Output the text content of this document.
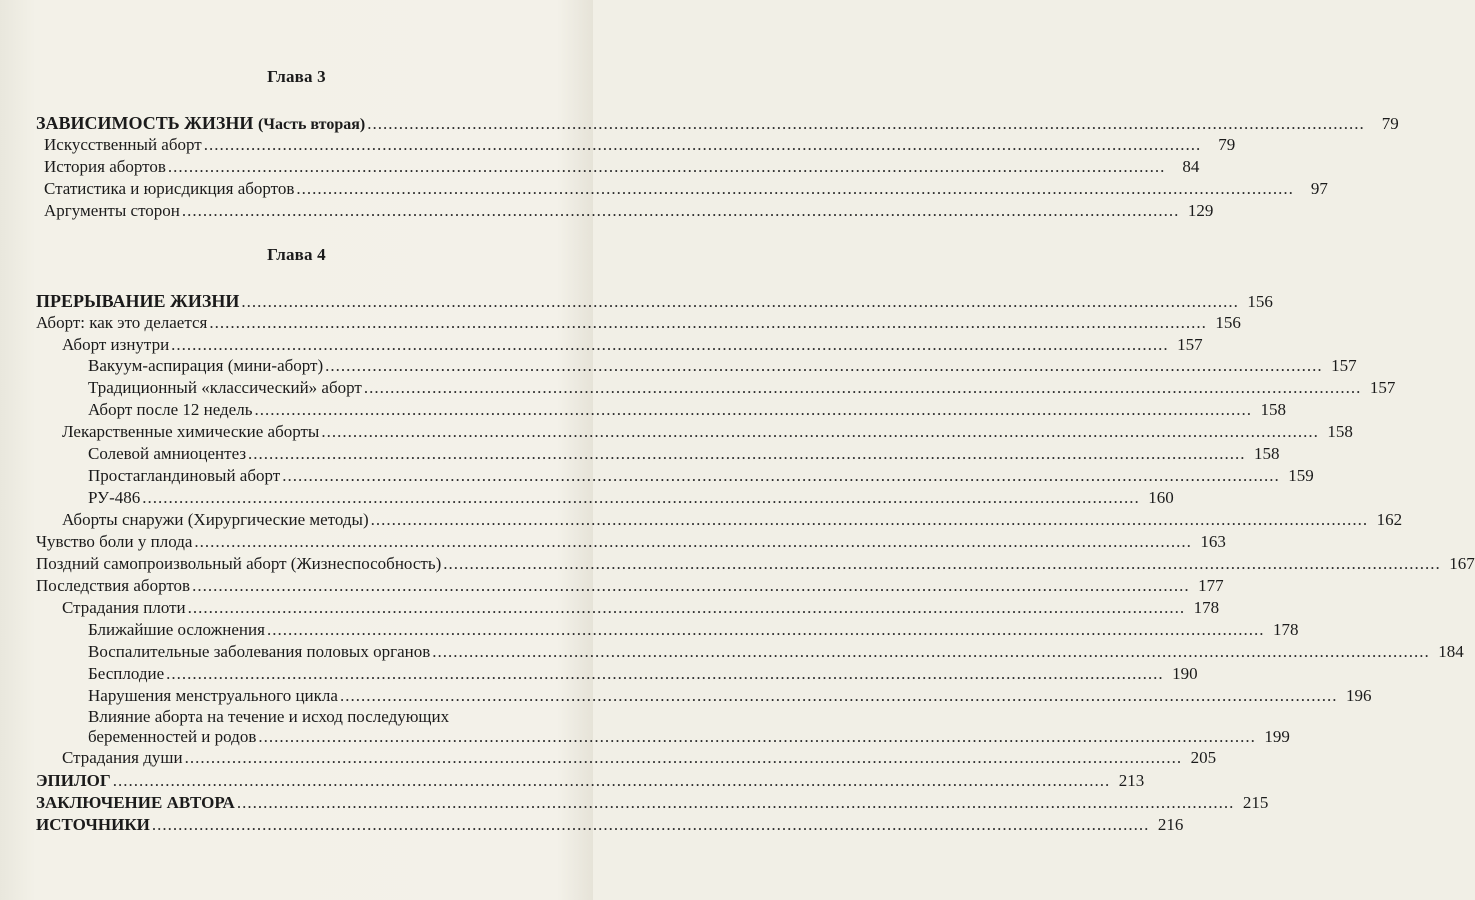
Глава 3
ЗАВИСИМОСТЬ ЖИЗНИ (Часть вторая) .....	79
Искусственный аборт .....	79
История абортов .....	84
Статистика и юрисдикция абортов .....	97
Аргументы сторон .....	129
ПРЕРЫВАНИЕ ЖИЗНИ .....	156
Аборт: как это делается .....	156
Аборт изнутри .....	157
Вакуум-аспирация (мини-аборт) .....	157
Традиционный «классический» аборт .....	157
Аборт после 12 недель .....	158
Лекарственные химические аборты .....	158
Солевой амниоцентез .....	158
Простагландиновый аборт .....	159
РУ-486 .....	160
Аборты снаружи (Хирургические методы) .....	162
Чувство боли у плода .....	163
Поздний самопроизвольный аборт (Жизнеспособность) .....	167
Последствия абортов .....	177
Страдания плоти .....	178
Ближайшие осложнения .....	178
Воспалительные заболевания половых органов .....	184
Бесплодие .....	190
Нарушения менструального цикла .....	196
Влияние аборта на течение и исход последующих
беременностей и родов .....	199
Страдания души .....	205
ЭПИЛОГ .....	213
ЗАКЛЮЧЕНИЕ АВТОРА .....	215
ИСТОЧНИКИ .....	216
Глава 4
